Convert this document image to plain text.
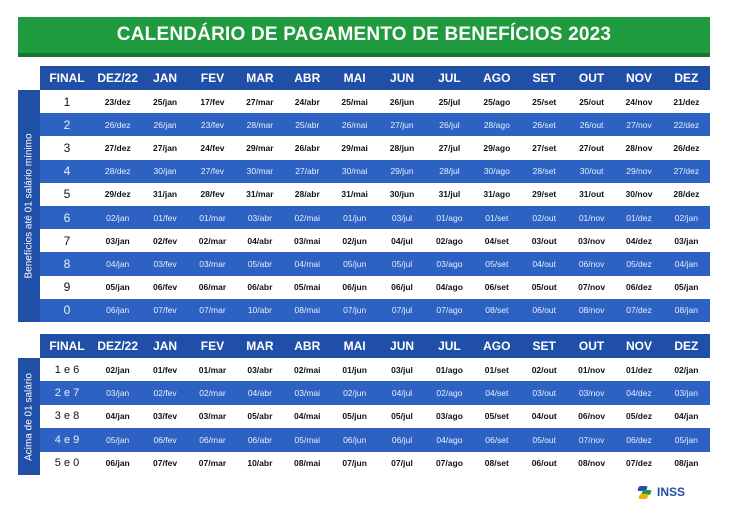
CALENDÁRIO DE PAGAMENTO DE BENEFÍCIOS 2023
Benefícios até 01 salário mínimo
FINAL	DEZ/22	JAN	FEV	MAR	ABR	MAI	JUN	JUL	AGO	SET	OUT	NOV	DEZ
1	23/dez	25/jan	17/fev	27/mar	24/abr	25/mai	26/jun	25/jul	25/ago	25/set	25/out	24/nov	21/dez
2	26/dez	26/jan	23/fev	28/mar	25/abr	26/mai	27/jun	26/jul	28/ago	26/set	26/out	27/nov	22/dez
3	27/dez	27/jan	24/fev	29/mar	26/abr	29/mai	28/jun	27/jul	29/ago	27/set	27/out	28/nov	26/dez
4	28/dez	30/jan	27/fev	30/mar	27/abr	30/mai	29/jun	28/jul	30/ago	28/set	30/out	29/nov	27/dez
5	29/dez	31/jan	28/fev	31/mar	28/abr	31/mai	30/jun	31/jul	31/ago	29/set	31/out	30/nov	28/dez
6	02/jan	01/fev	01/mar	03/abr	02/mai	01/jun	03/jul	01/ago	01/set	02/out	01/nov	01/dez	02/jan
7	03/jan	02/fev	02/mar	04/abr	03/mai	02/jun	04/jul	02/ago	04/set	03/out	03/nov	04/dez	03/jan
8	04/jan	03/fev	03/mar	05/abr	04/mai	05/jun	05/jul	03/ago	05/set	04/out	06/nov	05/dez	04/jan
9	05/jan	06/fev	06/mar	06/abr	05/mai	06/jun	06/jul	04/ago	06/set	05/out	07/nov	06/dez	05/jan
0	06/jan	07/fev	07/mar	10/abr	08/mai	07/jun	07/jul	07/ago	08/set	06/out	08/nov	07/dez	08/jan
Acima de 01 salário
FINAL	DEZ/22	JAN	FEV	MAR	ABR	MAI	JUN	JUL	AGO	SET	OUT	NOV	DEZ
1 e 6	02/jan	01/fev	01/mar	03/abr	02/mai	01/jun	03/jul	01/ago	01/set	02/out	01/nov	01/dez	02/jan
2 e 7	03/jan	02/fev	02/mar	04/abr	03/mai	02/jun	04/jul	02/ago	04/set	03/out	03/nov	04/dez	03/jan
3 e 8	04/jan	03/fev	03/mar	05/abr	04/mai	05/jun	05/jul	03/ago	05/set	04/out	06/nov	05/dez	04/jan
4 e 9	05/jan	06/fev	06/mar	06/abr	05/mai	06/jun	06/jul	04/ago	06/set	05/out	07/nov	06/dez	05/jan
5 e 0	06/jan	07/fev	07/mar	10/abr	08/mai	07/jun	07/jul	07/ago	08/set	06/out	08/nov	07/dez	08/jan
INSS
